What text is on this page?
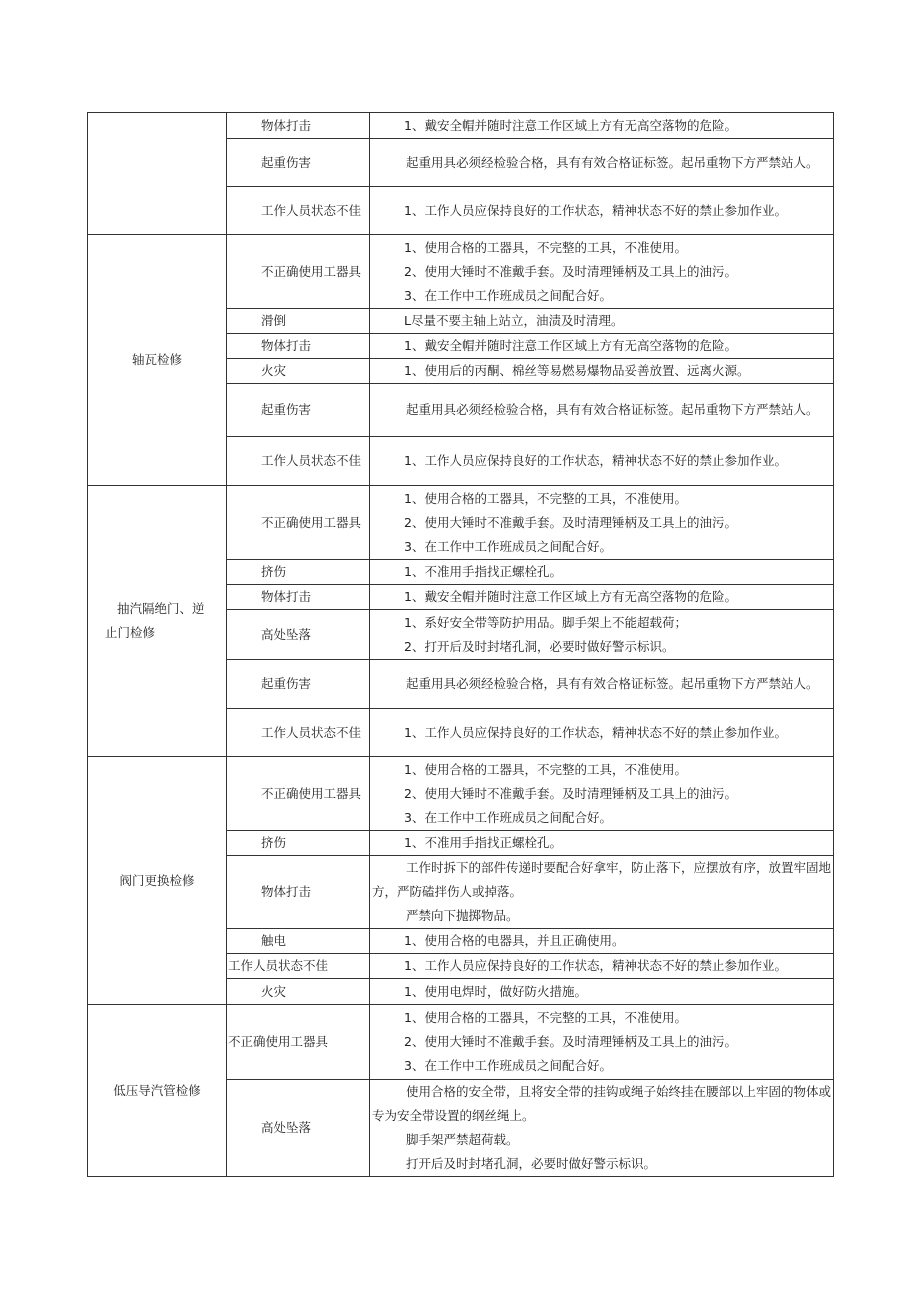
	物体打击	1、戴安全帽并随时注意工作区域上方有无高空落物的危险。

	起重伤害	起重用具必须经检验合格，具有有效合格证标签。起吊重物下方严禁站人。

	工作人员状态不佳	1、工作人员应保持良好的工作状态，精神状态不好的禁止参加作业。

轴瓦检修	不正确使用工器具	1、使用合格的工器具，不完整的工具，不准使用。
2、使用大锤时不准戴手套。及时清理锤柄及工具上的油污。
3、在工作中工作班成员之间配合好。

	滑倒	L尽量不要主轴上站立，油渍及时清理。

	物体打击	1、戴安全帽并随时注意工作区域上方有无高空落物的危险。

	火灾	1、使用后的丙酮、棉丝等易燃易爆物品妥善放置、远离火源。

	起重伤害	起重用具必须经检验合格，具有有效合格证标签。起吊重物下方严禁站人。

	工作人员状态不佳	1、工作人员应保持良好的工作状态，精神状态不好的禁止参加作业。

抽汽隔绝门、逆止门检修	不正确使用工器具	1、使用合格的工器具，不完整的工具，不准使用。
2、使用大锤时不准戴手套。及时清理锤柄及工具上的油污。
3、在工作中工作班成员之间配合好。

	挤伤	1、不准用手指找正螺栓孔。

	物体打击	1、戴安全帽并随时注意工作区域上方有无高空落物的危险。

	高处坠落	1、系好安全带等防护用品。脚手架上不能超载荷；
2、打开后及时封堵孔洞，必要时做好警示标识。

	起重伤害	起重用具必须经检验合格，具有有效合格证标签。起吊重物下方严禁站人。

	工作人员状态不佳	1、工作人员应保持良好的工作状态，精神状态不好的禁止参加作业。

阀门更换检修	不正确使用工器具	1、使用合格的工器具，不完整的工具，不准使用。
2、使用大锤时不准戴手套。及时清理锤柄及工具上的油污。
3、在工作中工作班成员之间配合好。

	挤伤	1、不准用手指找正螺栓孔。

	物体打击	工作时拆下的部件传递时要配合好拿牢，防止落下，应摆放有序，放置牢固地方，严防磕拌伤人或掉落。
严禁向下抛掷物品。

	触电	1、使用合格的电器具，并且正确使用。

	工作人员状态不佳	1、工作人员应保持良好的工作状态，精神状态不好的禁止参加作业。

	火灾	1、使用电焊时，做好防火措施。

低压导汽管检修	不正确使用工器具	1、使用合格的工器具，不完整的工具，不准使用。
2、使用大锤时不准戴手套。及时清理锤柄及工具上的油污。
3、在工作中工作班成员之间配合好。

	高处坠落	使用合格的安全带，且将安全带的挂钩或绳子始终挂在腰部以上牢固的物体或专为安全带设置的纲丝绳上。
脚手架严禁超荷载。
打开后及时封堵孔洞，必要时做好警示标识。
